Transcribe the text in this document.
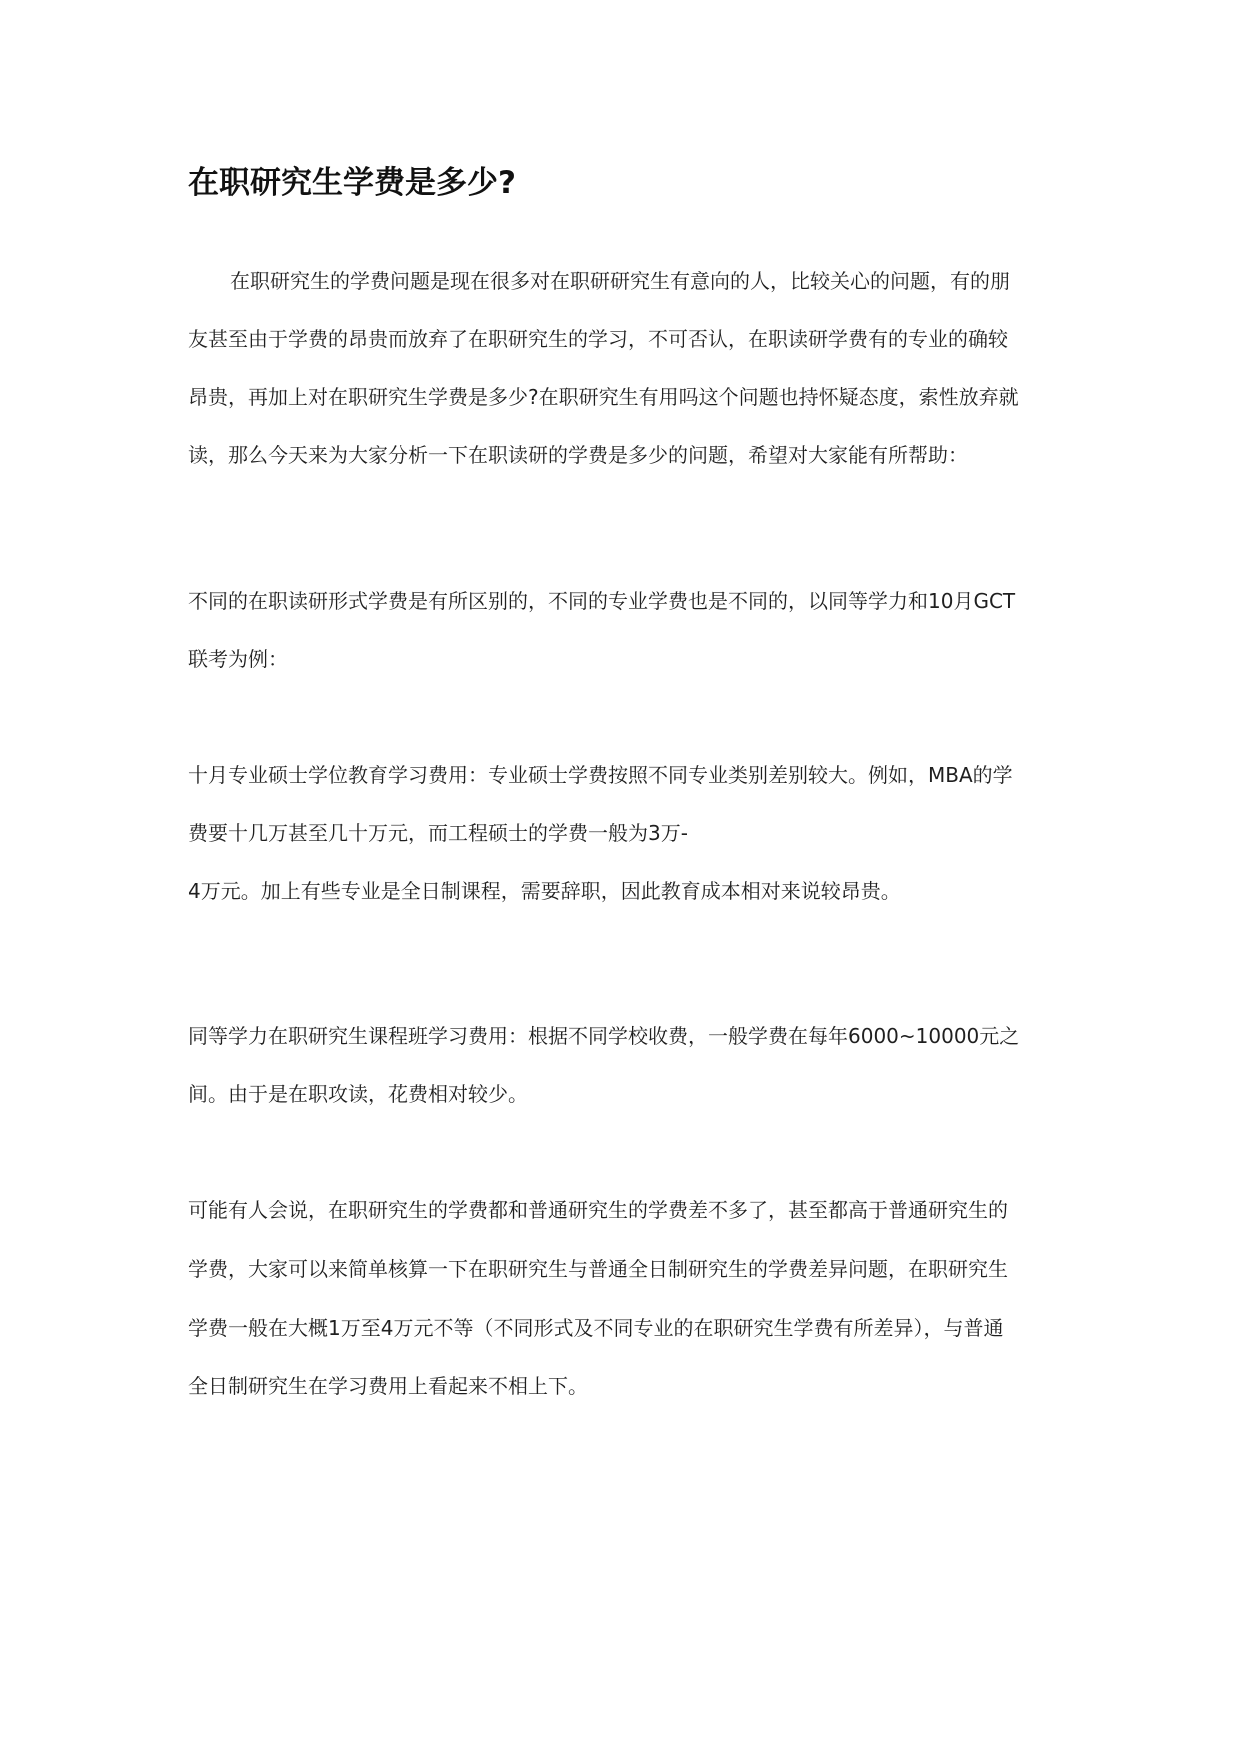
在职研究生学费是多少?

在职研究生的学费问题是现在很多对在职研研究生有意向的人，比较关心的问题，有的朋

友甚至由于学费的昂贵而放弃了在职研究生的学习，不可否认，在职读研学费有的专业的确较

昂贵，再加上对在职研究生学费是多少?在职研究生有用吗这个问题也持怀疑态度，索性放弃就

读，那么今天来为大家分析一下在职读研的学费是多少的问题，希望对大家能有所帮助：

不同的在职读研形式学费是有所区别的，不同的专业学费也是不同的，以同等学力和10月GCT

联考为例：

十月专业硕士学位教育学习费用：专业硕士学费按照不同专业类别差别较大。例如，MBA的学

费要十几万甚至几十万元，而工程硕士的学费一般为3万-

4万元。加上有些专业是全日制课程，需要辞职，因此教育成本相对来说较昂贵。

同等学力在职研究生课程班学习费用：根据不同学校收费，一般学费在每年6000~10000元之

间。由于是在职攻读，花费相对较少。

可能有人会说，在职研究生的学费都和普通研究生的学费差不多了，甚至都高于普通研究生的

学费，大家可以来简单核算一下在职研究生与普通全日制研究生的学费差异问题，在职研究生

学费一般在大概1万至4万元不等（不同形式及不同专业的在职研究生学费有所差异），与普通

全日制研究生在学习费用上看起来不相上下。
